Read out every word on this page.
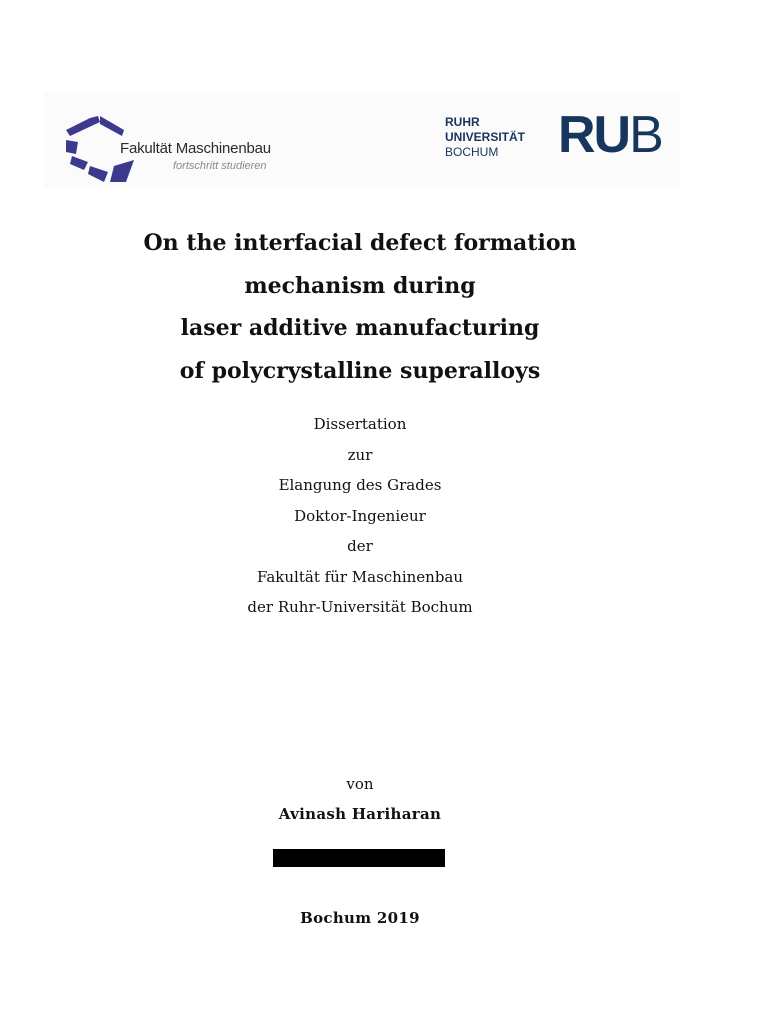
Fakultät Maschinenbau
fortschritt studieren
RUHR
UNIVERSITÄT
BOCHUM	RUB
On the interfacial defect formation
mechanism during
laser additive manufacturing
of polycrystalline superalloys
Dissertation
zur
Elangung des Grades
Doktor-Ingenieur
der
Fakultät für Maschinenbau
der Ruhr-Universität Bochum
von
Avinash Hariharan
Bochum 2019
